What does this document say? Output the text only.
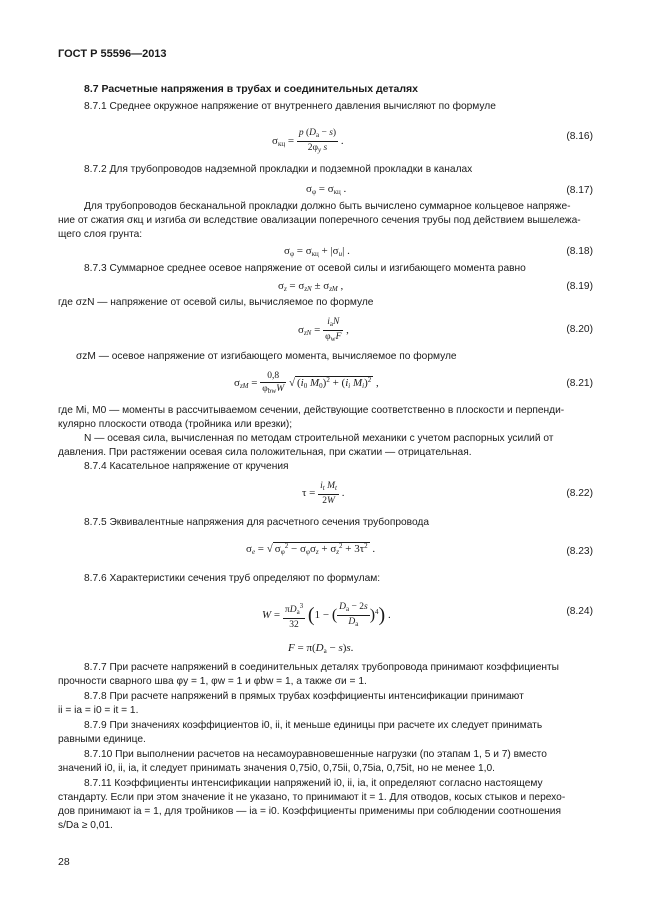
ГОСТ Р 55596—2013
8.7 Расчетные напряжения в трубах и соединительных деталях
8.7.1 Среднее окружное напряжение от внутреннего давления вычисляют по формуле
$\sigma_{кц} = \frac{p (D_a - s)}{2\varphi_y s}$ .	(8.16)
8.7.2 Для трубопроводов надземной прокладки и подземной прокладки в каналах
$\sigma_\varphi = \sigma_{кц}$ .	(8.17)
Для трубопроводов бесканальной прокладки должно быть вычислено суммарное кольцевое напряже-
ние от сжатия σкц и изгиба σи вследствие овализации поперечного сечения трубы под действием вышележа-
щего слоя грунта:
$\sigma_\varphi = \sigma_{кц} + |\sigma_и|$ .	(8.18)
8.7.3 Суммарное среднее осевое напряжение от осевой силы и изгибающего момента равно
$\sigma_z = \sigma_{zN} \pm \sigma_{zM}$ ,	(8.19)
где σzN — напряжение от осевой силы, вычисляемое по формуле
$\sigma_{zN} = \frac{i_aN}{\varphi_wF}$ ,	(8.20)
σzM — осевое напряжение от изгибающего момента, вычисляемое по формуле
$\sigma_{zM} = \frac{0,8}{\varphi_{bw}W}$ √ ($i_0$ $M_0)^2 + (i_i$ $M_i)^2$ ,	(8.21)
где Mi, M0 — моменты в рассчитываемом сечении, действующие соответственно в плоскости и перпенди-
кулярно плоскости отвода (тройника или врезки);
N — осевая сила, вычисленная по методам строительной механики с учетом распорных усилий от
давления. При растяжении осевая сила положительная, при сжатии — отрицательная.
8.7.4 Касательное напряжение от кручения
$\tau = \frac{i_t M_t}{2W}$ .	(8.22)
8.7.5 Эквивалентные напряжения для расчетного сечения трубопровода
$\sigma_e$ = √ $\sigma_\varphi^2 - \sigma_\varphi\sigma_z + \sigma_z^2 + 3\tau^2$ .	(8.23)
8.7.6 Характеристики сечения труб определяют по формулам:
$W = \frac{\pi D_a^3}{32} (1$ − ( $\frac{D_a - 2s}{D_a} )^4$) .	(8.24)
$F = \pi(D_a - s)s$.
8.7.7 При расчете напряжений в соединительных деталях трубопровода принимают коэффициенты
прочности сварного шва φy = 1, φw = 1 и φbw = 1, а также σи = 1.
8.7.8 При расчете напряжений в прямых трубах коэффициенты интенсификации принимают
ii = ia = i0 = it = 1.
8.7.9 При значениях коэффициентов i0, ii, it меньше единицы при расчете их следует принимать
равными единице.
8.7.10 При выполнении расчетов на несамоуравновешенные нагрузки (по этапам 1, 5 и 7) вместо
значений i0, ii, ia, it следует принимать значения 0,75i0, 0,75ii, 0,75ia, 0,75it, но не менее 1,0.
8.7.11 Коэффициенты интенсификации напряжений i0, ii, ia, it определяют согласно настоящему
стандарту. Если при этом значение it не указано, то принимают it = 1. Для отводов, косых стыков и перехо-
дов принимают ia = 1, для тройников — ia = i0. Коэффициенты применимы при соблюдении соотношения
s/Da ≥ 0,01.
28
